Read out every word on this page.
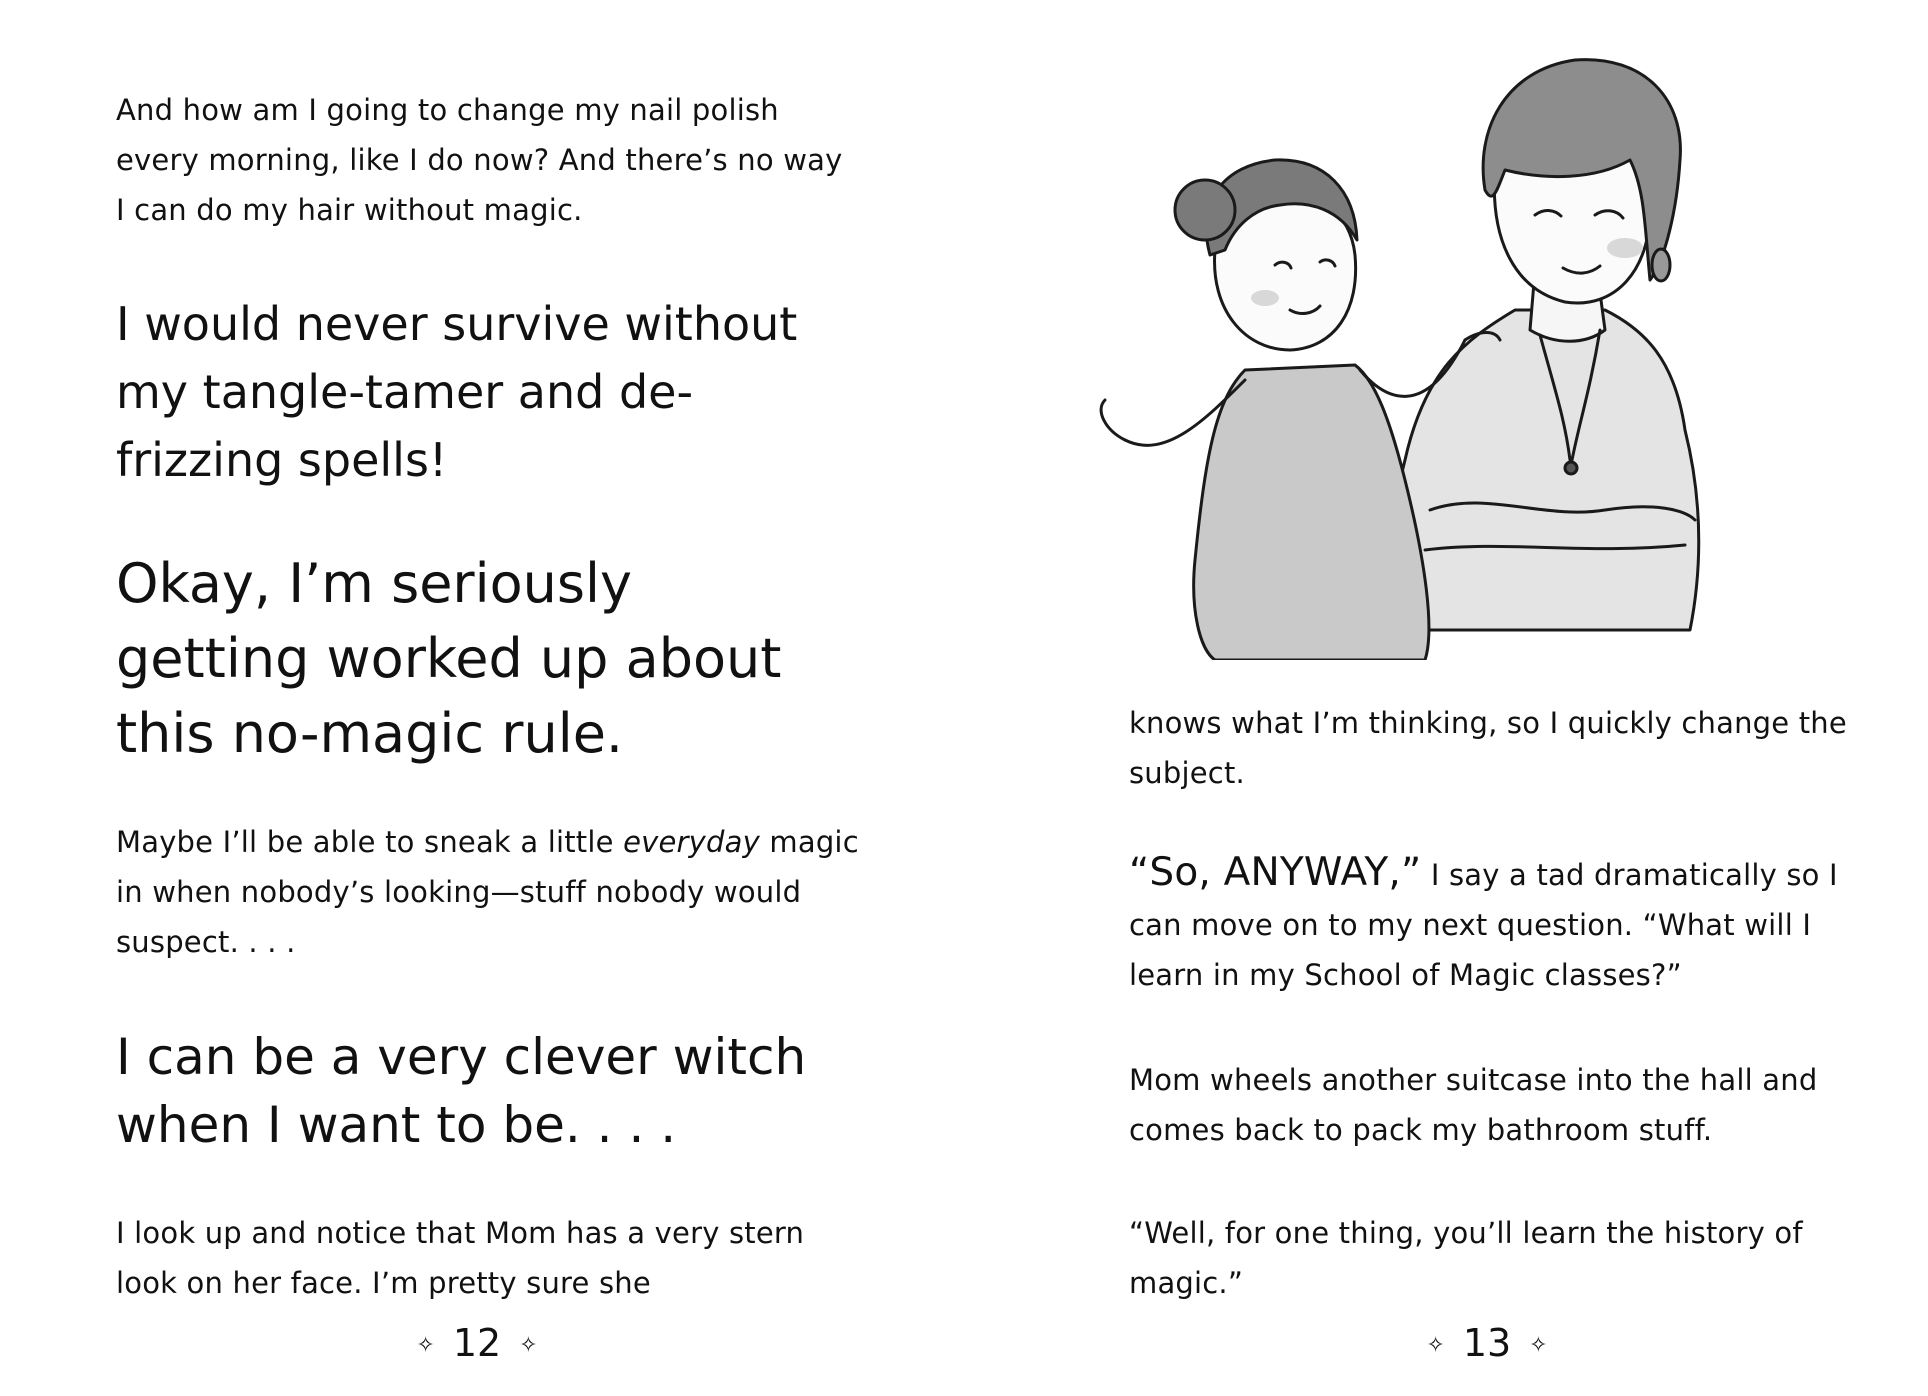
And how am I going to change my nail polish every morning, like I do now? And there’s no way I can do my hair without magic.

I would never survive without my tangle-tamer and de-frizzing spells!

Okay, I’m seriously getting worked up about this no-magic rule.

Maybe I’ll be able to sneak a little everyday magic in when nobody’s looking—stuff nobody would suspect. . . .

I can be a very clever witch when I want to be. . . .

I look up and notice that Mom has a very stern look on her face. I’m pretty sure she

✧ 12 ✧

knows what I’m thinking, so I quickly change the subject.

“So, ANYWAY,” I say a tad dramatically so I can move on to my next question. “What will I learn in my School of Magic classes?”

Mom wheels another suitcase into the hall and comes back to pack my bathroom stuff.

“Well, for one thing, you’ll learn the history of magic.”

✧ 13 ✧
